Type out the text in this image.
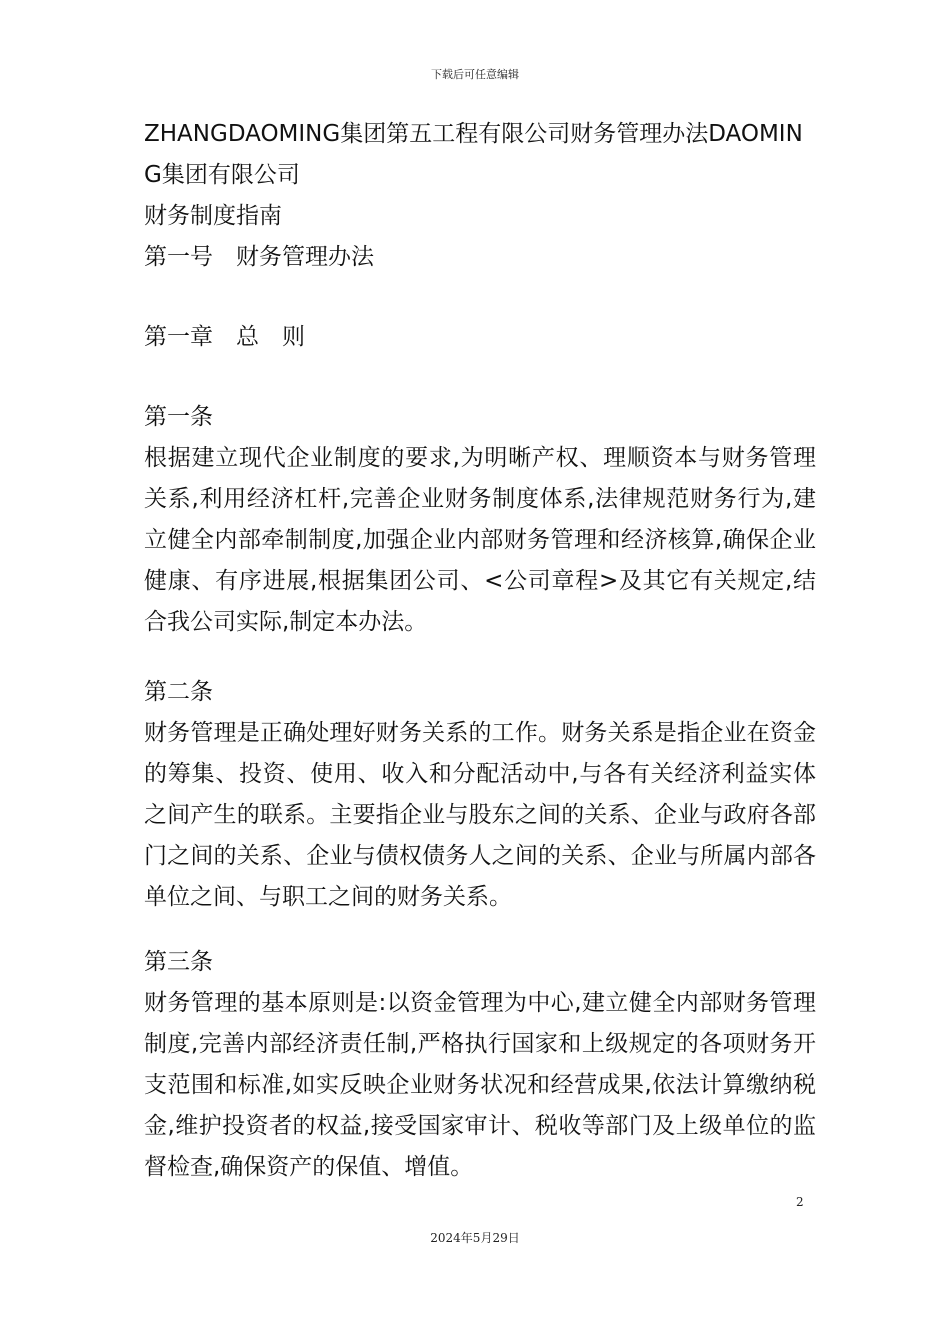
下载后可任意编辑

ZHANGDAOMING集团第五工程有限公司财务管理办法DAOMING集团有限公司

财务制度指南

第一号　财务管理办法

第一章　总　则

第一条

根据建立现代企业制度的要求,为明晰产权、理顺资本与财务管理关系,利用经济杠杆,完善企业财务制度体系,法律规范财务行为,建立健全内部牵制制度,加强企业内部财务管理和经济核算,确保企业健康、有序进展,根据集团公司、<公司章程>及其它有关规定,结合我公司实际,制定本办法。

第二条

财务管理是正确处理好财务关系的工作。财务关系是指企业在资金的筹集、投资、使用、收入和分配活动中,与各有关经济利益实体之间产生的联系。主要指企业与股东之间的关系、企业与政府各部门之间的关系、企业与债权债务人之间的关系、企业与所属内部各单位之间、与职工之间的财务关系。

第三条

财务管理的基本原则是:以资金管理为中心,建立健全内部财务管理制度,完善内部经济责任制,严格执行国家和上级规定的各项财务开支范围和标准,如实反映企业财务状况和经营成果,依法计算缴纳税金,维护投资者的权益,接受国家审计、税收等部门及上级单位的监督检查,确保资产的保值、增值。

2
2024年5月29日
